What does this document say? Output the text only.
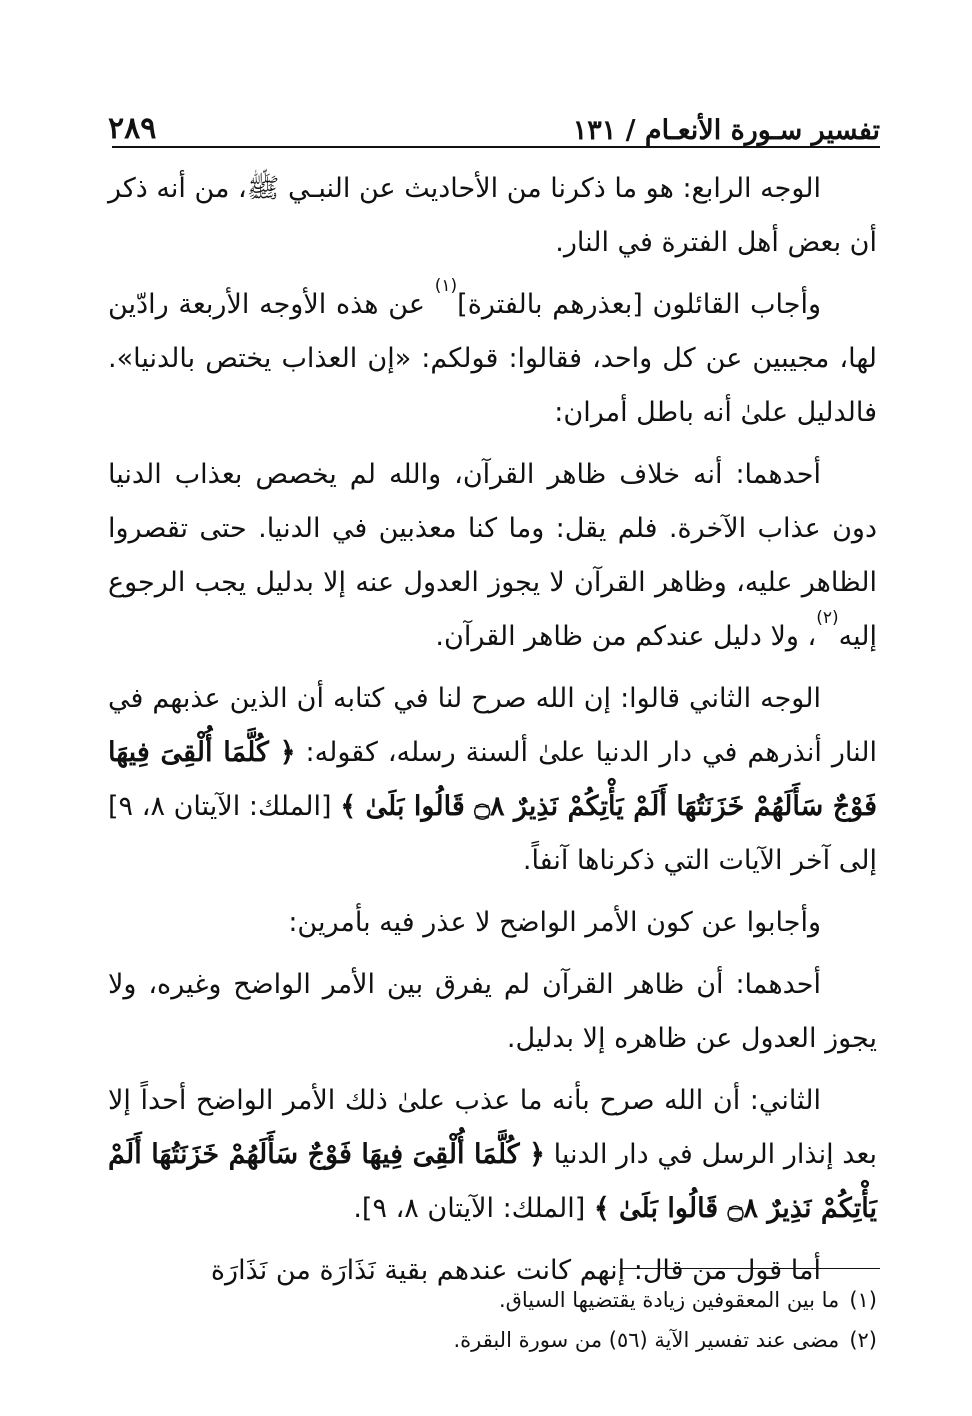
تفسير سـورة الأنعـام / ١٣١
٢٨٩

الوجه الرابع: هو ما ذكرنا من الأحاديث عن النبـي ﷺ، من أنه ذكر أن بعض أهل الفترة في النار.

وأجاب القائلون [بعذرهم بالفترة]$^{(١)}$ عن هذه الأوجه الأربعة رادّين لها، مجيبين عن كل واحد، فقالوا: قولكم: «إن العذاب يختص بالدنيا». فالدليل علىٰ أنه باطل أمران:

أحدهما: أنه خلاف ظاهر القرآن، والله لم يخصص بعذاب الدنيا دون عذاب الآخرة. فلم يقل: وما كنا معذبين في الدنيا. حتى تقصروا الظاهر عليه، وظاهر القرآن لا يجوز العدول عنه إلا بدليل يجب الرجوع إليه$^{(٢)}$، ولا دليل عندكم من ظاهر القرآن.

الوجه الثاني قالوا: إن الله صرح لنا في كتابه أن الذين عذبهم في النار أنذرهم في دار الدنيا علىٰ ألسنة رسله، كقوله: ﴿ كُلَّمَا أُلْقِىَ فِيهَا فَوْجٌ سَأَلَهُمْ خَزَنَتُهَا أَلَمْ يَأْتِكُمْ نَذِيرٌ ۝٨ قَالُوا بَلَىٰ ﴾ [الملك: الآيتان ٨، ٩] إلى آخر الآيات التي ذكرناها آنفاً.

وأجابوا عن كون الأمر الواضح لا عذر فيه بأمرين:

أحدهما: أن ظاهر القرآن لم يفرق بين الأمر الواضح وغيره، ولا يجوز العدول عن ظاهره إلا بدليل.

الثاني: أن الله صرح بأنه ما عذب علىٰ ذلك الأمر الواضح أحداً إلا بعد إنذار الرسل في دار الدنيا ﴿ كُلَّمَا أُلْقِىَ فِيهَا فَوْجٌ سَأَلَهُمْ خَزَنَتُهَا أَلَمْ يَأْتِكُمْ نَذِيرٌ ۝٨ قَالُوا بَلَىٰ ﴾ [الملك: الآيتان ٨، ٩].

أما قول من قال: إنهم كانت عندهم بقية نَذَارَة من نَذَارَة

(١)ما بين المعقوفين زيادة يقتضيها السياق.

(٢)مضى عند تفسير الآية (٥٦) من سورة البقرة.
